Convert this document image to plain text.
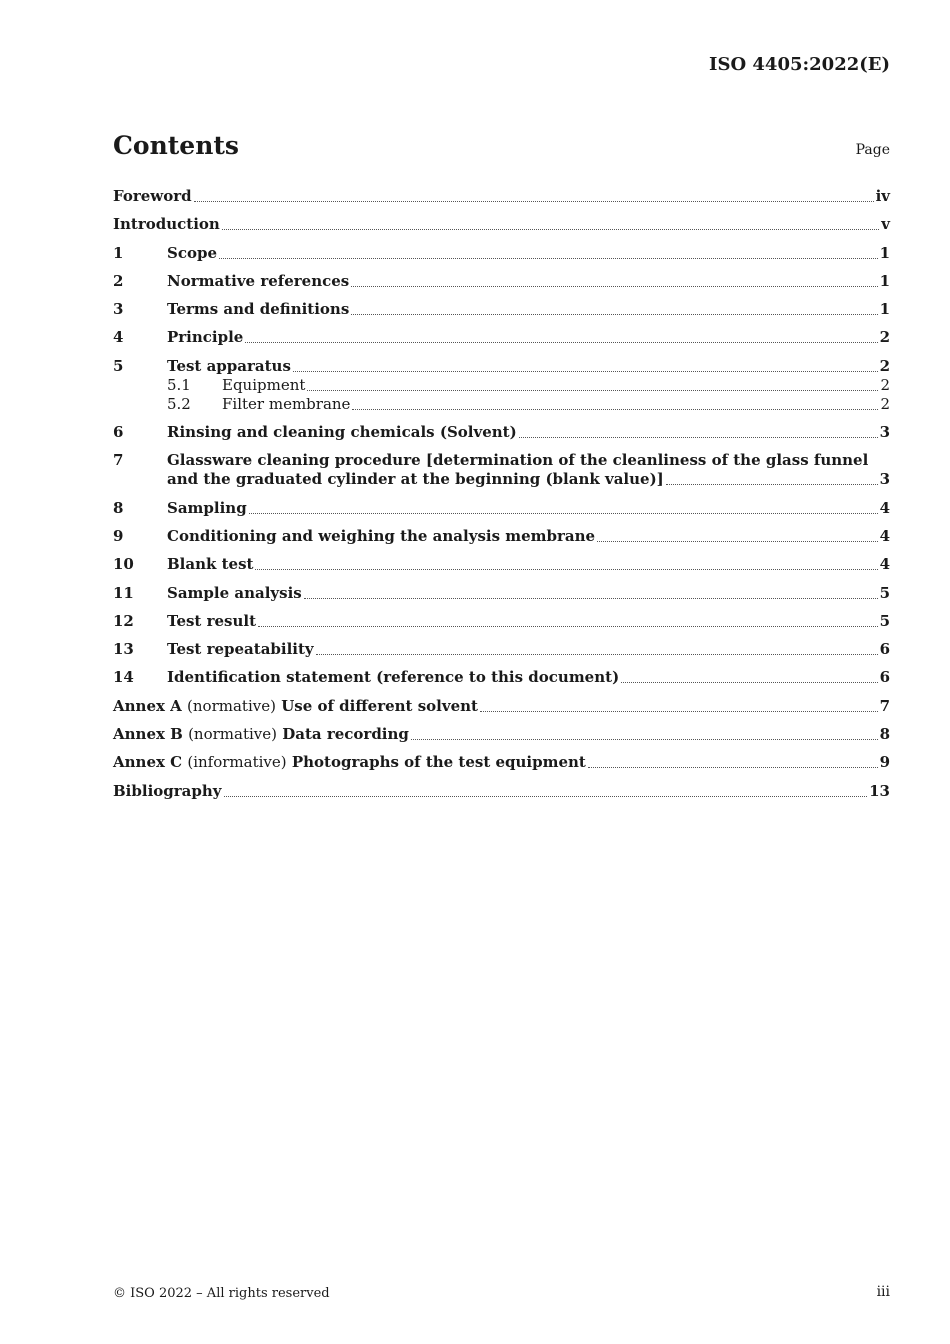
ISO 4405:2022(E)
Contents	Page
Foreword	iv
Introduction	v
1	Scope	1
2	Normative references	1
3	Terms and definitions	1
4	Principle	2
5	Test apparatus	2
5.1	Equipment	2
5.2	Filter membrane	2
6	Rinsing and cleaning chemicals (Solvent)	3
7	Glassware cleaning procedure [determination of the cleanliness of the glass funnel
and the graduated cylinder at the beginning (blank value)]	3
8	Sampling	4
9	Conditioning and weighing the analysis membrane	4
10	Blank test	4
11	Sample analysis	5
12	Test result	5
13	Test repeatability	6
14	Identification statement (reference to this document)	6
Annex A (normative) Use of different solvent	7
Annex B (normative) Data recording	8
Annex C (informative) Photographs of the test equipment	9
Bibliography	13
© ISO 2022 – All rights reserved	iii
